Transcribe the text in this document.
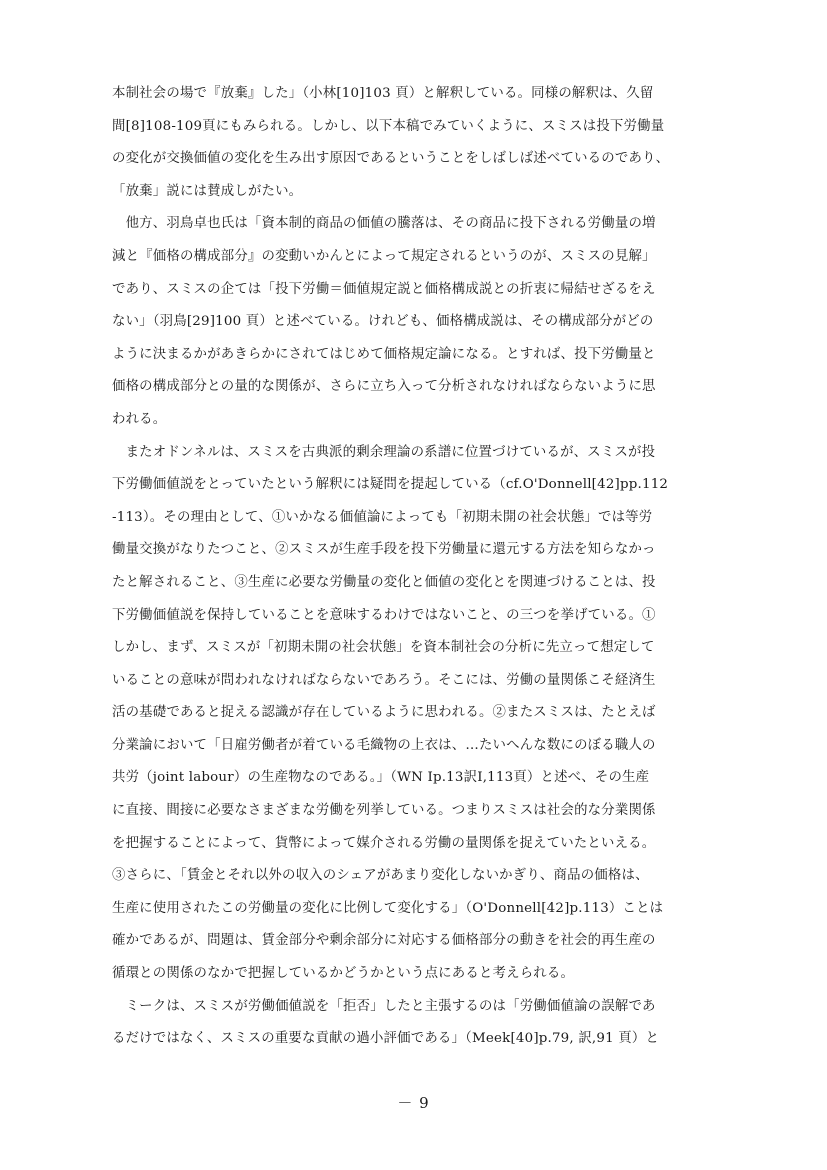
本制社会の場で『放棄』した」（小林[10]103 頁）と解釈している。同様の解釈は、久留
間[8]108-109頁にもみられる。しかし、以下本稿でみていくように、スミスは投下労働量
の変化が交換価値の変化を生み出す原因であるということをしばしば述べているのであり、
「放棄」説には賛成しがたい。
　他方、羽鳥卓也氏は「資本制的商品の価値の騰落は、その商品に投下される労働量の増
減と『価格の構成部分』の変動いかんとによって規定されるというのが、スミスの見解」
であり、スミスの企ては「投下労働＝価値規定説と価格構成説との折衷に帰結せざるをえ
ない」（羽鳥[29]100 頁）と述べている。けれども、価格構成説は、その構成部分がどの
ように決まるかがあきらかにされてはじめて価格規定論になる。とすれば、投下労働量と
価格の構成部分との量的な関係が、さらに立ち入って分析されなければならないように思
われる。
　またオドンネルは、スミスを古典派的剰余理論の系譜に位置づけているが、スミスが投
下労働価値説をとっていたという解釈には疑問を提起している（cf.O'Donnell[42]pp.112
-113）。その理由として、①いかなる価値論によっても「初期未開の社会状態」では等労
働量交換がなりたつこと、②スミスが生産手段を投下労働量に還元する方法を知らなかっ
たと解されること、③生産に必要な労働量の変化と価値の変化とを関連づけることは、投
下労働価値説を保持していることを意味するわけではないこと、の三つを挙げている。①
しかし、まず、スミスが「初期未開の社会状態」を資本制社会の分析に先立って想定して
いることの意味が問われなければならないであろう。そこには、労働の量関係こそ経済生
活の基礎であると捉える認識が存在しているように思われる。②またスミスは、たとえば
分業論において「日雇労働者が着ている毛織物の上衣は、…たいへんな数にのぼる職人の
共労（joint labour）の生産物なのである。」（WN Ⅰp.13訳Ⅰ,113頁）と述べ、その生産
に直接、間接に必要なさまざまな労働を列挙している。つまりスミスは社会的な分業関係
を把握することによって、貨幣によって媒介される労働の量関係を捉えていたといえる。
③さらに、「賃金とそれ以外の収入のシェアがあまり変化しないかぎり、商品の価格は、
生産に使用されたこの労働量の変化に比例して変化する」（O'Donnell[42]p.113）ことは
確かであるが、問題は、賃金部分や剰余部分に対応する価格部分の動きを社会的再生産の
循環との関係のなかで把握しているかどうかという点にあると考えられる。
　ミークは、スミスが労働価値説を「拒否」したと主張するのは「労働価値論の誤解であ
るだけではなく、スミスの重要な貢献の過小評価である」（Meek[40]p.79, 訳,91 頁）と
－ 9
